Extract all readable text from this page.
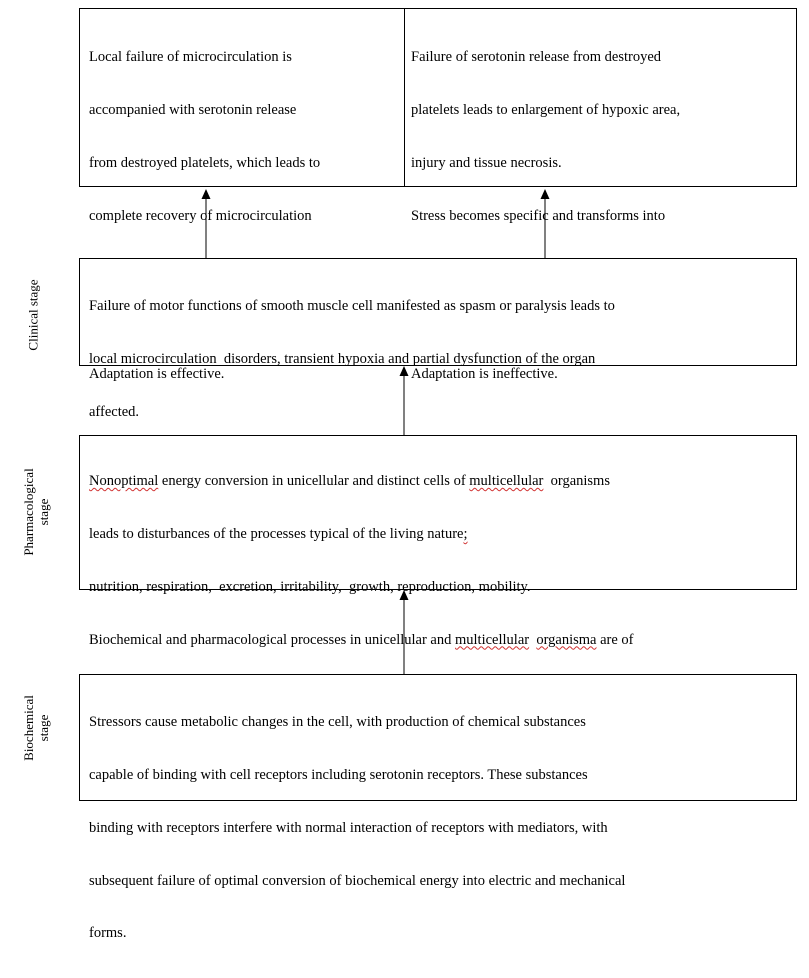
Local failure of microcirculation is

accompanied with serotonin release

from destroyed platelets, which leads to

complete recovery of microcirculation

Adaptation is effective.

Failure of serotonin release from destroyed

platelets leads to enlargement of hypoxic area,

injury and tissue necrosis.

Stress becomes specific and transforms into

Adaptation is ineffective.

Clinical stage

	Failure of motor functions of smooth muscle cell manifested as spasm or paralysis leads to

local microcirculation  disorders, transient hypoxia and partial dysfunction of the organ

affected.

Pharmacological stage

Nonoptimal energy conversion in unicellular and distinct cells of multicellular  organisms

leads to disturbances of the processes typical of the living nature;

nutrition, respiration,  excretion, irritability,  growth, reproduction, mobility.

Biochemical and pharmacological processes in unicellular and multicellular organisma are of

Biochemical stage

	Stressors cause metabolic changes in the cell, with production of chemical substances

capable of binding with cell receptors including serotonin receptors. These substances

binding with receptors interfere with normal interaction of receptors with mediators, with

subsequent failure of optimal conversion of biochemical energy into electric and mechanical

forms.
